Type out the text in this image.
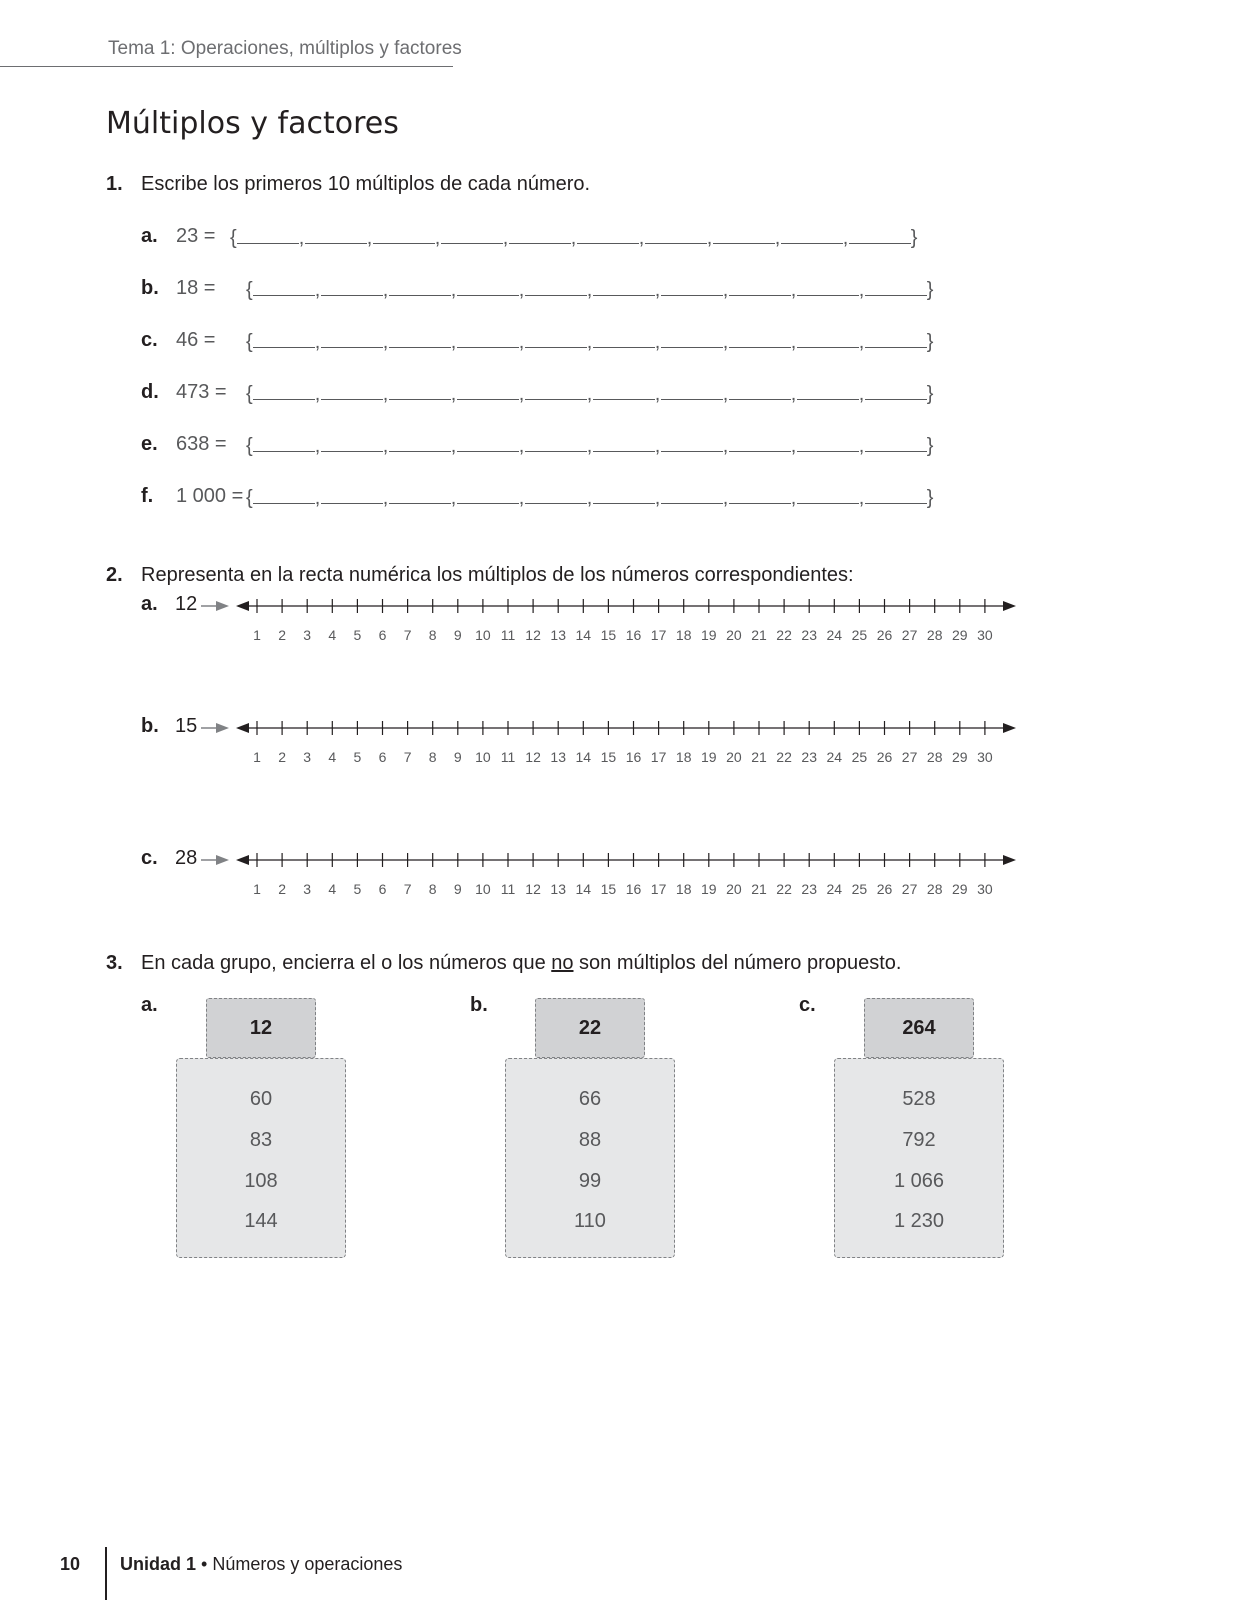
Tema 1: Operaciones, múltiplos y factores
Múltiplos y factores
1. Escribe los primeros 10 múltiplos de cada número.
a. 23 = {	,	,	,	,	,	,	,	,	,	}
b. 18 = {	,	,	,	,	,	,	,	,	,	}
c. 46 = {	,	,	,	,	,	,	,	,	,	}
d. 473 = {	,	,	,	,	,	,	,	,	,	}
e. 638 = {	,	,	,	,	,	,	,	,	,	}
f. 1 000 = {	,	,	,	,	,	,	,	,	,	}
2. Representa en la recta numérica los múltiplos de los números correspondientes:
a. 12
1 2 3 4 5 6 7 8 9 10 11 12 13 14 15 16 17 18 19 20 21 22 23 24 25 26 27 28 29 30
b. 15
1 2 3 4 5 6 7 8 9 10 11 12 13 14 15 16 17 18 19 20 21 22 23 24 25 26 27 28 29 30
c. 28
1 2 3 4 5 6 7 8 9 10 11 12 13 14 15 16 17 18 19 20 21 22 23 24 25 26 27 28 29 30
3. En cada grupo, encierra el o los números que no son múltiplos del número propuesto.
a.
12
60
83
108
144
b.
22
66
88
99
110
c.
264
528
792
1 066
1 230
10 Unidad 1 • Números y operaciones
